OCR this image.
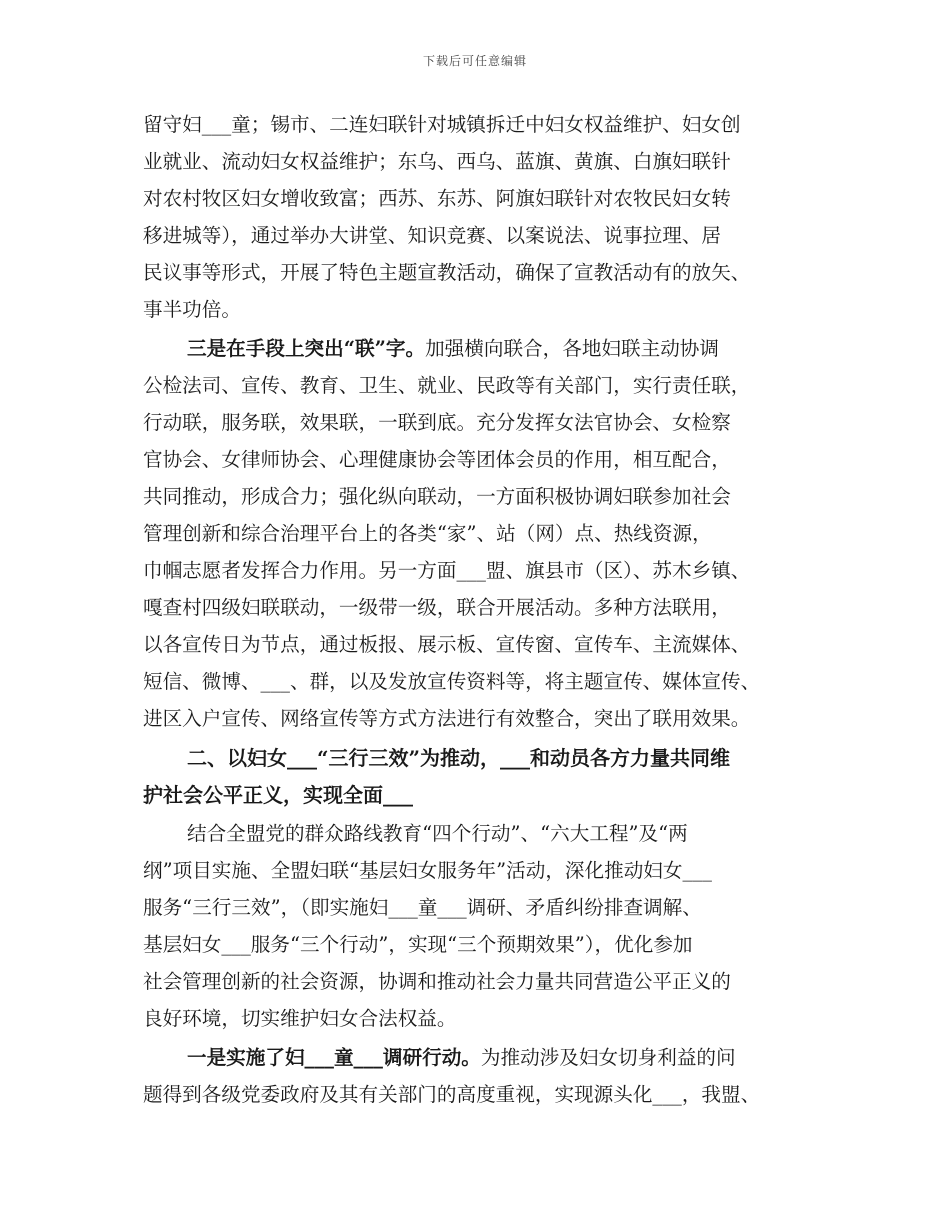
下载后可任意编辑
留守妇___童；锡市、二连妇联针对城镇拆迁中妇女权益维护、妇女创
业就业、流动妇女权益维护；东乌、西乌、蓝旗、黄旗、白旗妇联针
对农村牧区妇女增收致富；西苏、东苏、阿旗妇联针对农牧民妇女转
移进城等），通过举办大讲堂、知识竞赛、以案说法、说事拉理、居
民议事等形式，开展了特色主题宣教活动，确保了宣教活动有的放矢、
事半功倍。
三是在手段上突出“联”字。加强横向联合，各地妇联主动协调
公检法司、宣传、教育、卫生、就业、民政等有关部门，实行责任联，
行动联，服务联，效果联，一联到底。充分发挥女法官协会、女检察
官协会、女律师协会、心理健康协会等团体会员的作用，相互配合，
共同推动，形成合力；强化纵向联动，一方面积极协调妇联参加社会
管理创新和综合治理平台上的各类“家”、站（网）点、热线资源，
巾帼志愿者发挥合力作用。另一方面___盟、旗县市（区）、苏木乡镇、
嘎查村四级妇联联动，一级带一级，联合开展活动。多种方法联用，
以各宣传日为节点，通过板报、展示板、宣传窗、宣传车、主流媒体、
短信、微博、___、群，以及发放宣传资料等，将主题宣传、媒体宣传、
进区入户宣传、网络宣传等方式方法进行有效整合，突出了联用效果。
二、以妇女___“三行三效”为推动，___和动员各方力量共同维
护社会公平正义，实现全面___
结合全盟党的群众路线教育“四个行动”、“六大工程”及“两
纲”项目实施、全盟妇联“基层妇女服务年”活动，深化推动妇女___
服务“三行三效”，（即实施妇___童___调研、矛盾纠纷排查调解、
基层妇女___服务“三个行动”，实现“三个预期效果”），优化参加
社会管理创新的社会资源，协调和推动社会力量共同营造公平正义的
良好环境，切实维护妇女合法权益。
一是实施了妇___童___调研行动。为推动涉及妇女切身利益的问
题得到各级党委政府及其有关部门的高度重视，实现源头化___，我盟、
